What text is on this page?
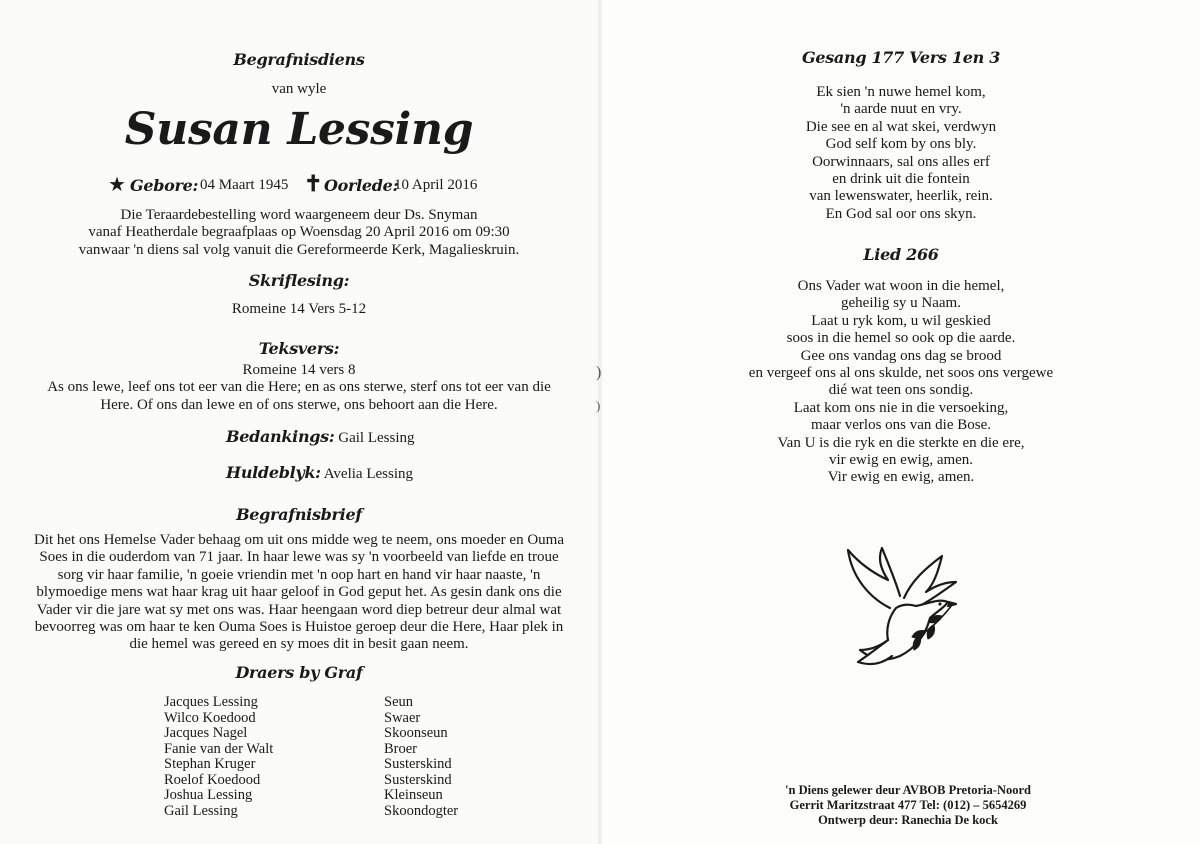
Begrafnisdiens
van wyle
Susan Lessing
★ Gebore: 04 Maart 1945 ✝ Oorlede:
10 April 2016
Die Teraardebestelling word waargeneem deur Ds. Snyman
vanaf Heatherdale begraafplaas op Woensdag 20 April 2016 om 09:30
vanwaar 'n diens sal volg vanuit die Gereformeerde Kerk, Magalieskruin.
Skriflesing:
Romeine 14 Vers 5-12
Teksvers:
Romeine 14 vers 8
As ons lewe, leef ons tot eer van die Here; en as ons sterwe, sterf ons tot eer van die
Here. Of ons dan lewe en of ons sterwe, ons behoort aan die Here.
Bedankings: Gail Lessing
Huldeblyk: Avelia Lessing
Begrafnisbrief
Dit het ons Hemelse Vader behaag om uit ons midde weg te neem, ons moeder en Ouma
Soes in die ouderdom van 71 jaar. In haar lewe was sy 'n voorbeeld van liefde en troue
sorg vir haar familie, 'n goeie vriendin met 'n oop hart en hand vir haar naaste, 'n
blymoedige mens wat haar krag uit haar geloof in God geput het. As gesin dank ons die
Vader vir die jare wat sy met ons was. Haar heengaan word diep betreur deur almal wat
bevoorreg was om haar te ken Ouma Soes is Huistoe geroep deur die Here, Haar plek in
die hemel was gereed en sy moes dit in besit gaan neem.
Draers by Graf
Jacques Lessing	Seun
Wilco Koedood	Swaer
Jacques Nagel	Skoonseun
Fanie van der Walt	Broer
Stephan Kruger	Susterskind
Roelof Koedood	Susterskind
Joshua Lessing	Kleinseun
Gail Lessing	Skoondogter
)
)
Gesang 177 Vers 1en 3
Ek sien 'n nuwe hemel kom,
'n aarde nuut en vry.
Die see en al wat skei, verdwyn
God self kom by ons bly.
Oorwinnaars, sal ons alles erf
en drink uit die fontein
van lewenswater, heerlik, rein.
En God sal oor ons skyn.
Lied 266
Ons Vader wat woon in die hemel,
geheilig sy u Naam.
Laat u ryk kom, u wil geskied
soos in die hemel so ook op die aarde.
Gee ons vandag ons dag se brood
en vergeef ons al ons skulde, net soos ons vergewe
dié wat teen ons sondig.
Laat kom ons nie in die versoeking,
maar verlos ons van die Bose.
Van U is die ryk en die sterkte en die ere,
vir ewig en ewig, amen.
Vir ewig en ewig, amen.
'n Diens gelewer deur AVBOB Pretoria-Noord
Gerrit Maritzstraat 477 Tel: (012) – 5654269
Ontwerp deur: Ranechia De kock
